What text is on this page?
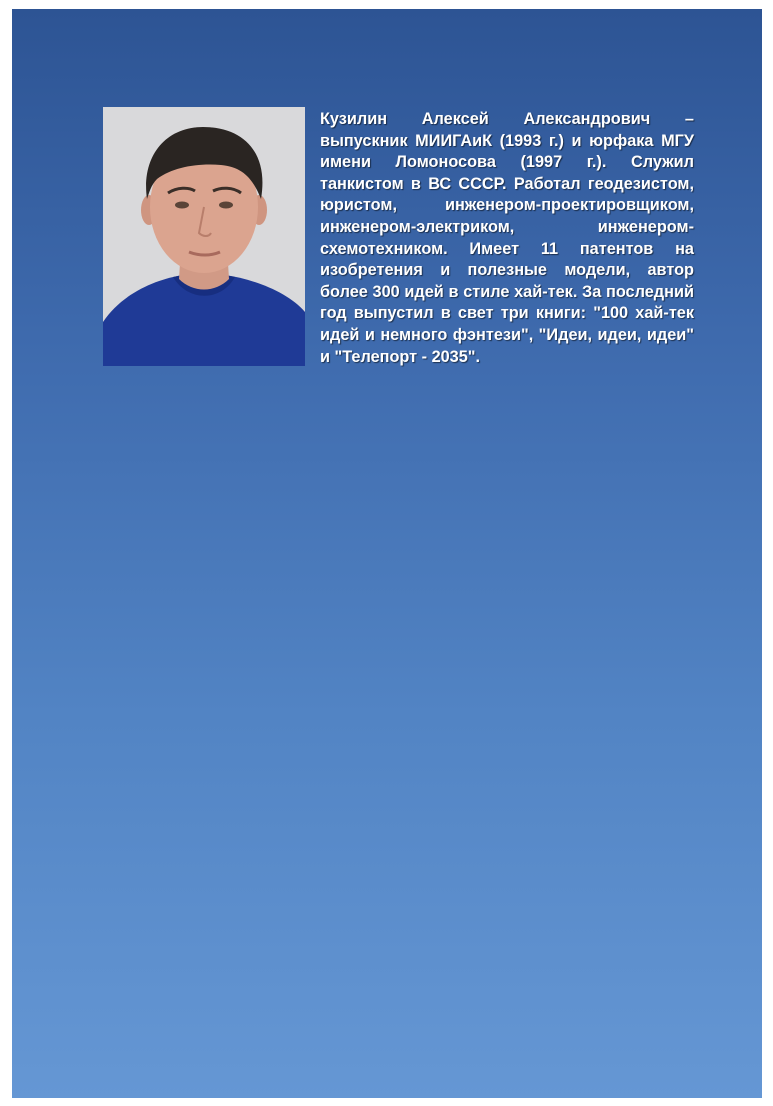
Кузилин Алексей Александрович – выпускник МИИГАиК (1993 г.) и юрфака МГУ имени Ломоносова (1997 г.). Служил танкистом в ВС СССР. Работал геодезистом, юристом, инженером-проектировщиком, инженером-электриком, инженером-схемотехником. Имеет 11 патентов на изобретения и полезные модели, автор более 300 идей в стиле хай-тек. За последний год выпустил в свет три книги: "100 хай-тек идей и немного фэнтези", "Идеи, идеи, идеи" и "Телепорт - 2035".
